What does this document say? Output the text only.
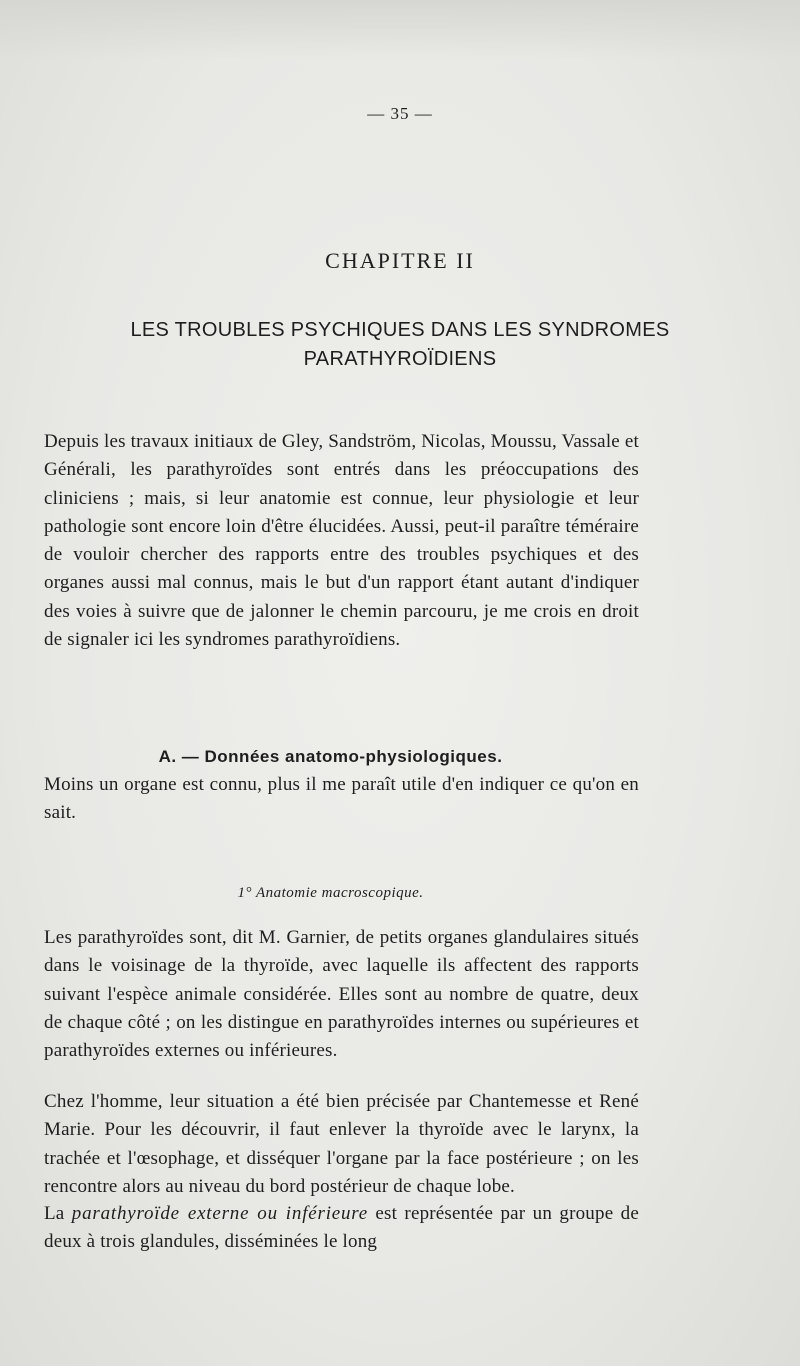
— 35 —
CHAPITRE II
LES TROUBLES PSYCHIQUES DANS LES SYNDROMES
PARATHYROÏDIENS
Depuis les travaux initiaux de Gley, Sandström, Nicolas, Moussu, Vassale et Générali, les parathyroïdes sont entrés dans les préoccupations des cliniciens ; mais, si leur anatomie est connue, leur physiologie et leur pathologie sont encore loin d'être élucidées. Aussi, peut-il paraître téméraire de vouloir chercher des rapports entre des troubles psychiques et des organes aussi mal connus, mais le but d'un rapport étant autant d'indiquer des voies à suivre que de jalonner le chemin parcouru, je me crois en droit de signaler ici les syndromes parathyroïdiens.
A. — Données anatomo-physiologiques.
Moins un organe est connu, plus il me paraît utile d'en indiquer ce qu'on en sait.
1° Anatomie macroscopique.
Les parathyroïdes sont, dit M. Garnier, de petits organes glandulaires situés dans le voisinage de la thyroïde, avec laquelle ils affectent des rapports suivant l'espèce animale considérée. Elles sont au nombre de quatre, deux de chaque côté ; on les distingue en parathyroïdes internes ou supérieures et parathyroïdes externes ou inférieures.
Chez l'homme, leur situation a été bien précisée par Chantemesse et René Marie. Pour les découvrir, il faut enlever la thyroïde avec le larynx, la trachée et l'œsophage, et disséquer l'organe par la face postérieure ; on les rencontre alors au niveau du bord postérieur de chaque lobe.
La parathyroïde externe ou inférieure est représentée par un groupe de deux à trois glandules, disséminées le long
